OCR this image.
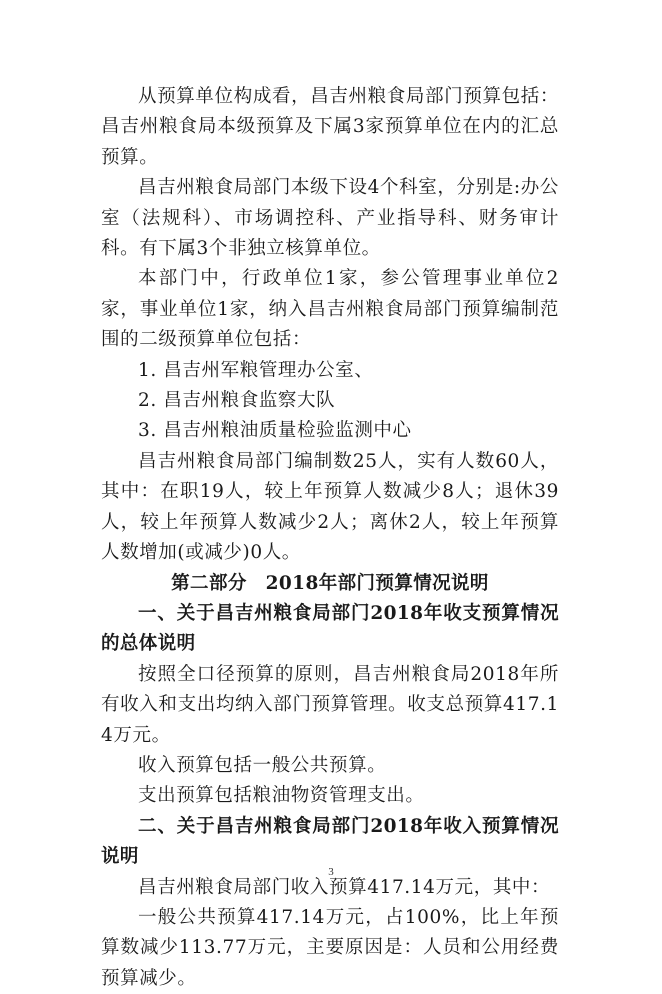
从预算单位构成看，昌吉州粮食局部门预算包括：昌吉州粮食局本级预算及下属3家预算单位在内的汇总预算。

昌吉州粮食局部门本级下设4个科室，分别是:办公室（法规科）、市场调控科、产业指导科、财务审计科。有下属3个非独立核算单位。

本部门中，行政单位1家，参公管理事业单位2家，事业单位1家，纳入昌吉州粮食局部门预算编制范围的二级预算单位包括：

1. 昌吉州军粮管理办公室、

2. 昌吉州粮食监察大队

3. 昌吉州粮油质量检验监测中心

昌吉州粮食局部门编制数25人，实有人数60人，其中：在职19人，较上年预算人数减少8人；退休39人，较上年预算人数减少2人；离休2人，较上年预算人数增加(或减少)0人。

第二部分　2018年部门预算情况说明

一、关于昌吉州粮食局部门2018年收支预算情况的总体说明

按照全口径预算的原则，昌吉州粮食局2018年所有收入和支出均纳入部门预算管理。收支总预算417.14万元。

收入预算包括一般公共预算。

支出预算包括粮油物资管理支出。

二、关于昌吉州粮食局部门2018年收入预算情况说明

昌吉州粮食局部门收入预算417.14万元，其中：

一般公共预算417.14万元，占100%，比上年预算数减少113.77万元，主要原因是：人员和公用经费预算减少。

3
